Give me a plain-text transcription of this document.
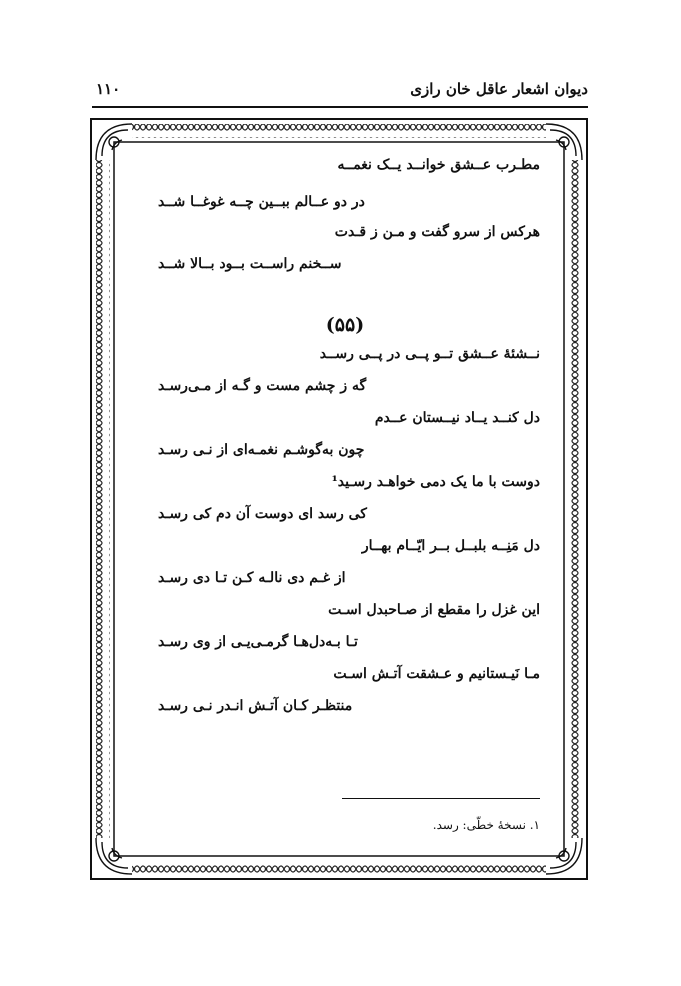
دیوان اشعار عاقل خان رازی
۱۱۰
مطـرب عــشق خوانــد یــک نغمــه
در دو عــالم ببــین چــه غوغــا شــد
هرکس از سرو گفت و مـن ز قـدت
ســخنم راســت بــود بــالا شــد
(۵۵)
نــشئهٔ عــشق تــو پــی در پــی رســد
گه ز چشم مست و گـه از مـی‌رسـد
دل کنــد یــاد نیــستان عــدم
چون به‌گوشـم نغمـه‌ای از نـی رسـد
دوست با ما یک دمی خواهـد رسـید¹
کی رسد ای دوست آن دم کی رسـد
دل مَنِــه بلبــل بــر ایّــام بهــار
از غـم دی نالـه کـن تـا دی رسـد
این غزل را مقطع از صـاحبدل اسـت
تـا بـه‌دل‌هـا گرمـی‌یـی از وی رسـد
مـا نَیـستانیم و عـشقت آتـش اسـت
منتظـر کـان آتـش انـدر نـی رسـد
۱. نسخهٔ خطّی: رسد.
